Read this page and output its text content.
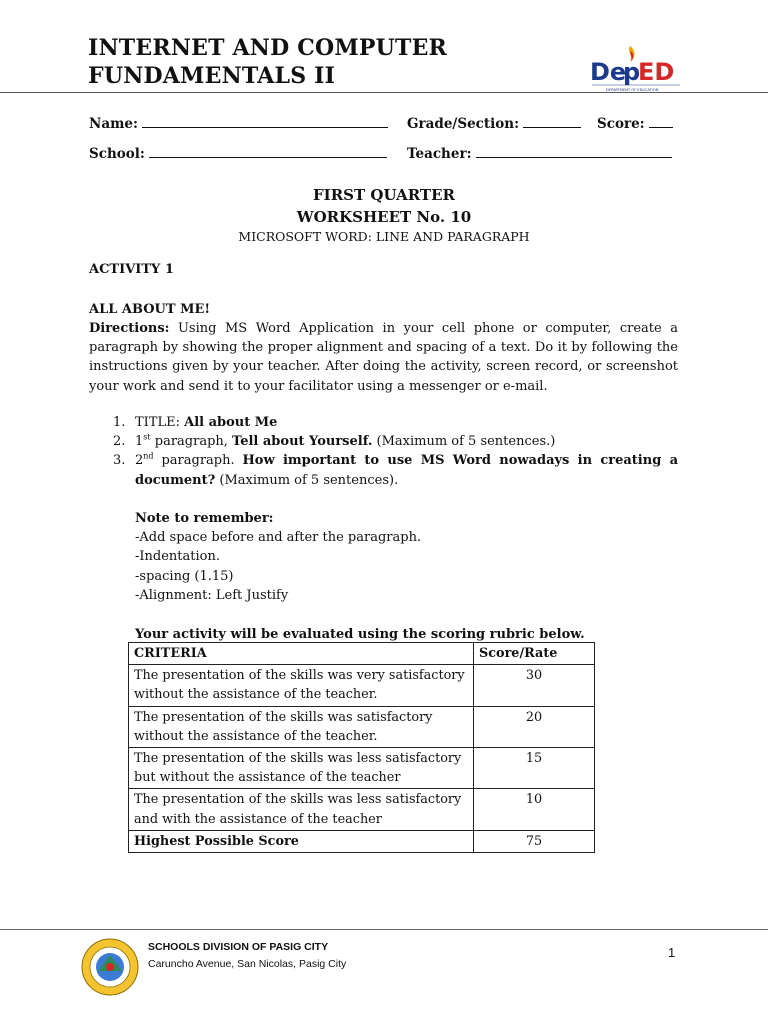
INTERNET AND COMPUTER
FUNDAMENTALS II	De
p
ED
DEPARTMENT OF EDUCATION
Name:	Grade/Section:	Score:
School:	Teacher:
FIRST QUARTER
WORKSHEET No. 10
MICROSOFT WORD: LINE AND PARAGRAPH
ACTIVITY 1
ALL ABOUT ME!
Directions: Using MS Word Application in your cell phone or computer, create a paragraph by showing the proper alignment and spacing of a text. Do it by following the instructions given by your teacher. After doing the activity, screen record, or screenshot your work and send it to your facilitator using a messenger or e-mail.
1. TITLE: All about Me
2. 1st paragraph, Tell about Yourself. (Maximum of 5 sentences.)
3. 2nd paragraph. How important to use MS Word nowadays in creating a document? (Maximum of 5 sentences).
Note to remember:
-Add space before and after the paragraph.
-Indentation.
-spacing (1.15)
-Alignment: Left Justify
Your activity will be evaluated using the scoring rubric below.
CRITERIA	Score/Rate
The presentation of the skills was very satisfactory without the assistance of the teacher.	30
The presentation of the skills was satisfactory without the assistance of the teacher.	20
The presentation of the skills was less satisfactory but without the assistance of the teacher	15
The presentation of the skills was less satisfactory and with the assistance of the teacher	10
Highest Possible Score	75
SCHOOLS DIVISION OF PASIG CITY
Caruncho Avenue, San Nicolas, Pasig City
1
